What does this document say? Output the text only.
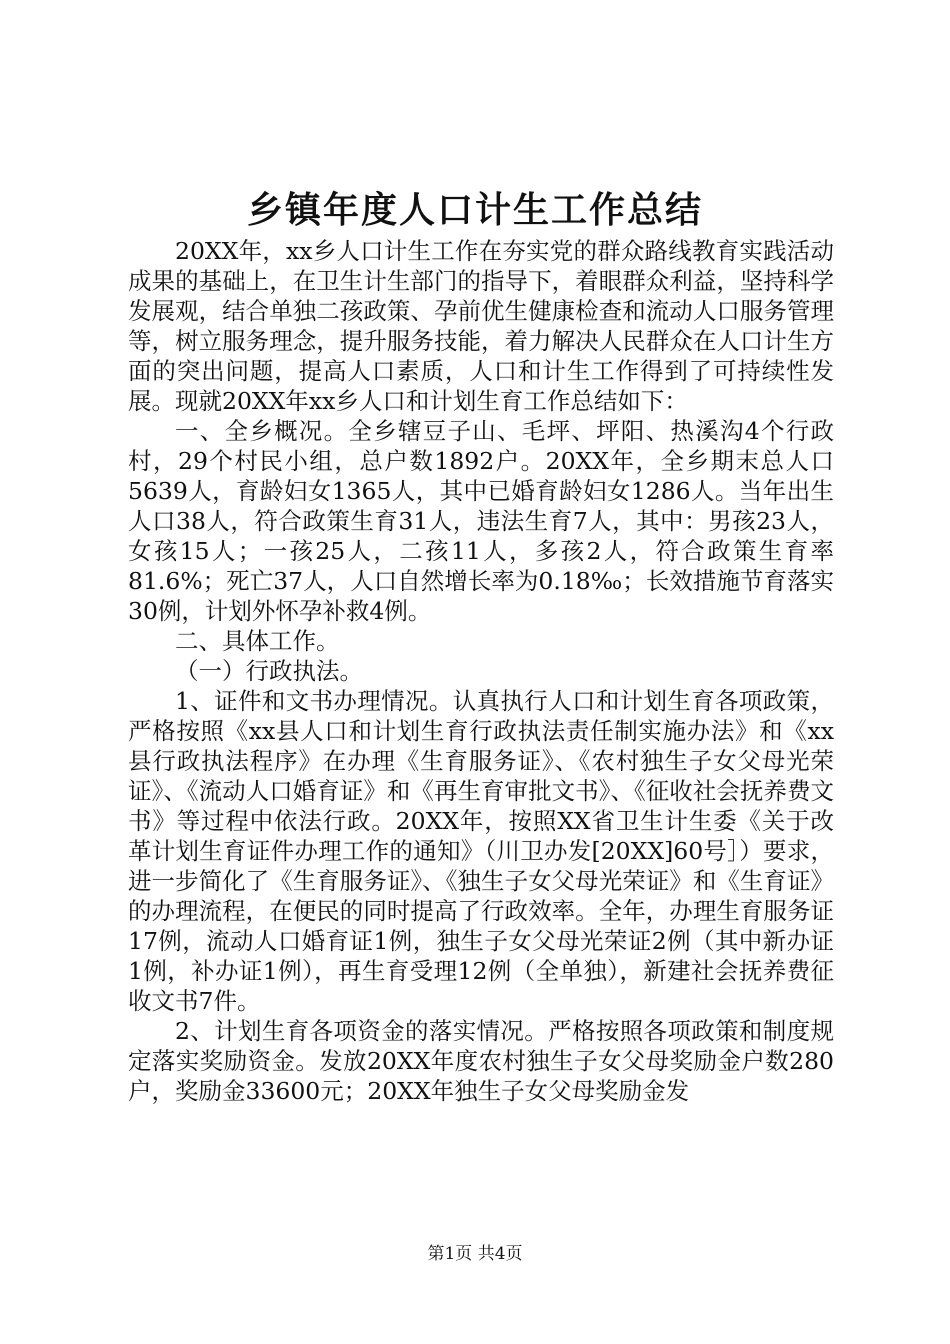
乡镇年度人口计生工作总结

20XX年，xx乡人口计生工作在夯实党的群众路线教育实践活动成果的基础上，在卫生计生部门的指导下，着眼群众利益，坚持科学发展观，结合单独二孩政策、孕前优生健康检查和流动人口服务管理等，树立服务理念，提升服务技能，着力解决人民群众在人口计生方面的突出问题，提高人口素质，人口和计生工作得到了可持续性发展。现就20XX年xx乡人口和计划生育工作总结如下：

一、全乡概况。全乡辖豆子山、毛坪、坪阳、热溪沟4个行政村，29个村民小组，总户数1892户。20XX年，全乡期末总人口5639人，育龄妇女1365人，其中已婚育龄妇女1286人。当年出生人口38人，符合政策生育31人，违法生育7人，其中：男孩23人，女孩15人；一孩25人，二孩11人，多孩2人，符合政策生育率81.6%；死亡37人，人口自然增长率为0.18‰；长效措施节育落实30例，计划外怀孕补救4例。

二、具体工作。

（一）行政执法。

1、证件和文书办理情况。认真执行人口和计划生育各项政策，严格按照《xx县人口和计划生育行政执法责任制实施办法》和《xx县行政执法程序》在办理《生育服务证》、《农村独生子女父母光荣证》、《流动人口婚育证》和《再生育审批文书》、《征收社会抚养费文书》等过程中依法行政。20XX年，按照XX省卫生计生委《关于改革计划生育证件办理工作的通知》（川卫办发[20XX]60号］）要求，进一步简化了《生育服务证》、《独生子女父母光荣证》和《生育证》的办理流程，在便民的同时提高了行政效率。全年，办理生育服务证17例，流动人口婚育证1例，独生子女父母光荣证2例（其中新办证1例，补办证1例），再生育受理12例（全单独），新建社会抚养费征收文书7件。

2、计划生育各项资金的落实情况。严格按照各项政策和制度规定落实奖励资金。发放20XX年度农村独生子女父母奖励金户数280户，奖励金33600元；20XX年独生子女父母奖励金发

第1页 共4页
